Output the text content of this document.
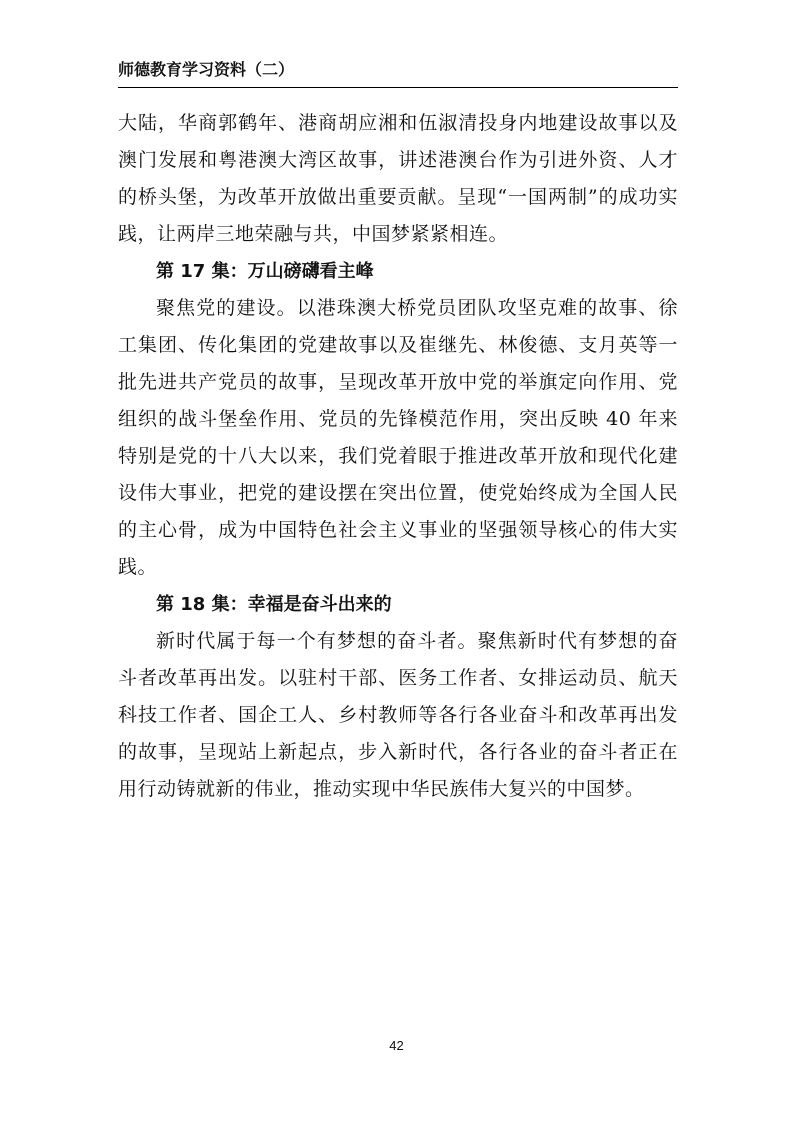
师德教育学习资料（二）

大陆，华商郭鹤年、港商胡应湘和伍淑清投身内地建设故事以及澳门发展和粤港澳大湾区故事，讲述港澳台作为引进外资、人才的桥头堡，为改革开放做出重要贡献。呈现“一国两制”的成功实践，让两岸三地荣融与共，中国梦紧紧相连。

第 17 集：万山磅礴看主峰

聚焦党的建设。以港珠澳大桥党员团队攻坚克难的故事、徐工集团、传化集团的党建故事以及崔继先、林俊德、支月英等一批先进共产党员的故事，呈现改革开放中党的举旗定向作用、党组织的战斗堡垒作用、党员的先锋模范作用，突出反映 40 年来特别是党的十八大以来，我们党着眼于推进改革开放和现代化建设伟大事业，把党的建设摆在突出位置，使党始终成为全国人民的主心骨，成为中国特色社会主义事业的坚强领导核心的伟大实践。

第 18 集：幸福是奋斗出来的

新时代属于每一个有梦想的奋斗者。聚焦新时代有梦想的奋斗者改革再出发。以驻村干部、医务工作者、女排运动员、航天科技工作者、国企工人、乡村教师等各行各业奋斗和改革再出发的故事，呈现站上新起点，步入新时代，各行各业的奋斗者正在用行动铸就新的伟业，推动实现中华民族伟大复兴的中国梦。

42
